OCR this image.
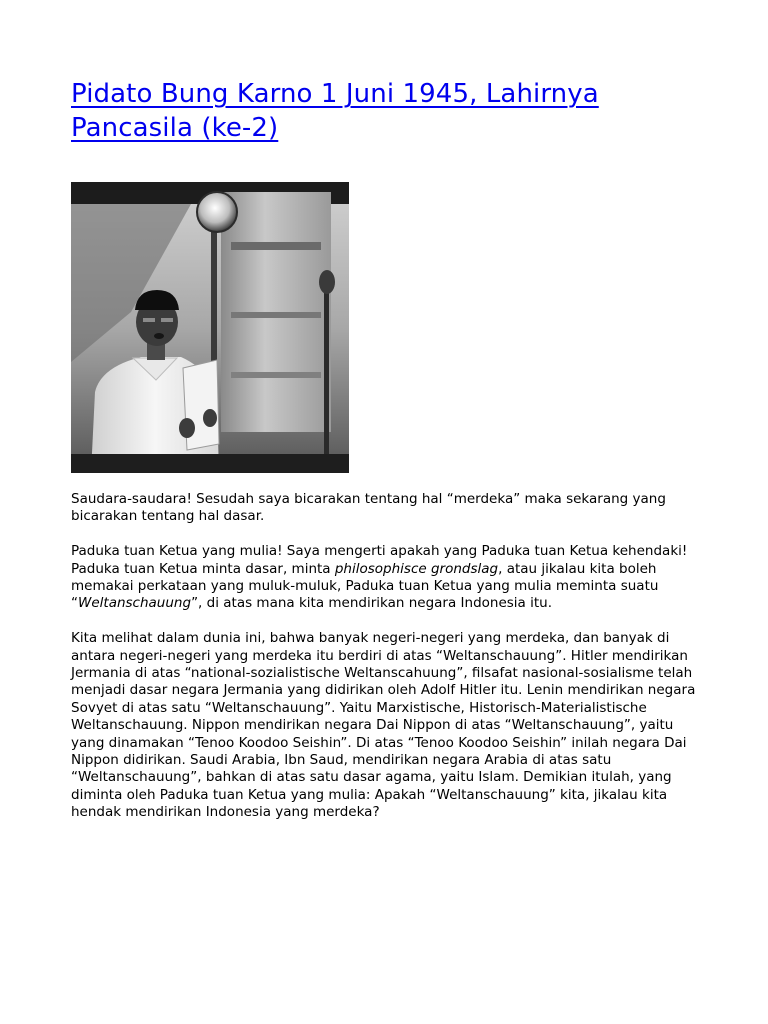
Pidato Bung Karno 1 Juni 1945, Lahirnya Pancasila (ke-2)

Saudara-saudara! Sesudah saya bicarakan tentang hal “merdeka” maka sekarang yang bicarakan tentang hal dasar.

Paduka tuan Ketua yang mulia! Saya mengerti apakah yang Paduka tuan Ketua kehendaki! Paduka tuan Ketua minta dasar, minta philosophisce grondslag, atau jikalau kita boleh memakai perkataan yang muluk-muluk, Paduka tuan Ketua yang mulia meminta suatu “Weltanschauung”, di atas mana kita mendirikan negara Indonesia itu.

Kita melihat dalam dunia ini, bahwa banyak negeri-negeri yang merdeka, dan banyak di antara negeri-negeri yang merdeka itu berdiri di atas “Weltanschauung”. Hitler mendirikan Jermania di atas “national-sozialistische Weltanscahuung”, filsafat nasional-sosialisme telah menjadi dasar negara Jermania yang didirikan oleh Adolf Hitler itu. Lenin mendirikan negara Sovyet di atas satu “Weltanschauung”. Yaitu Marxistische, Historisch-Materialistische Weltanschauung. Nippon mendirikan negara Dai Nippon di atas “Weltanschauung”, yaitu yang dinamakan “Tenoo Koodoo Seishin”. Di atas “Tenoo Koodoo Seishin” inilah negara Dai Nippon didirikan. Saudi Arabia, Ibn Saud, mendirikan negara Arabia di atas satu “Weltanschauung”, bahkan di atas satu dasar agama, yaitu Islam. Demikian itulah, yang diminta oleh Paduka tuan Ketua yang mulia: Apakah “Weltanschauung” kita, jikalau kita hendak mendirikan Indonesia yang merdeka?
